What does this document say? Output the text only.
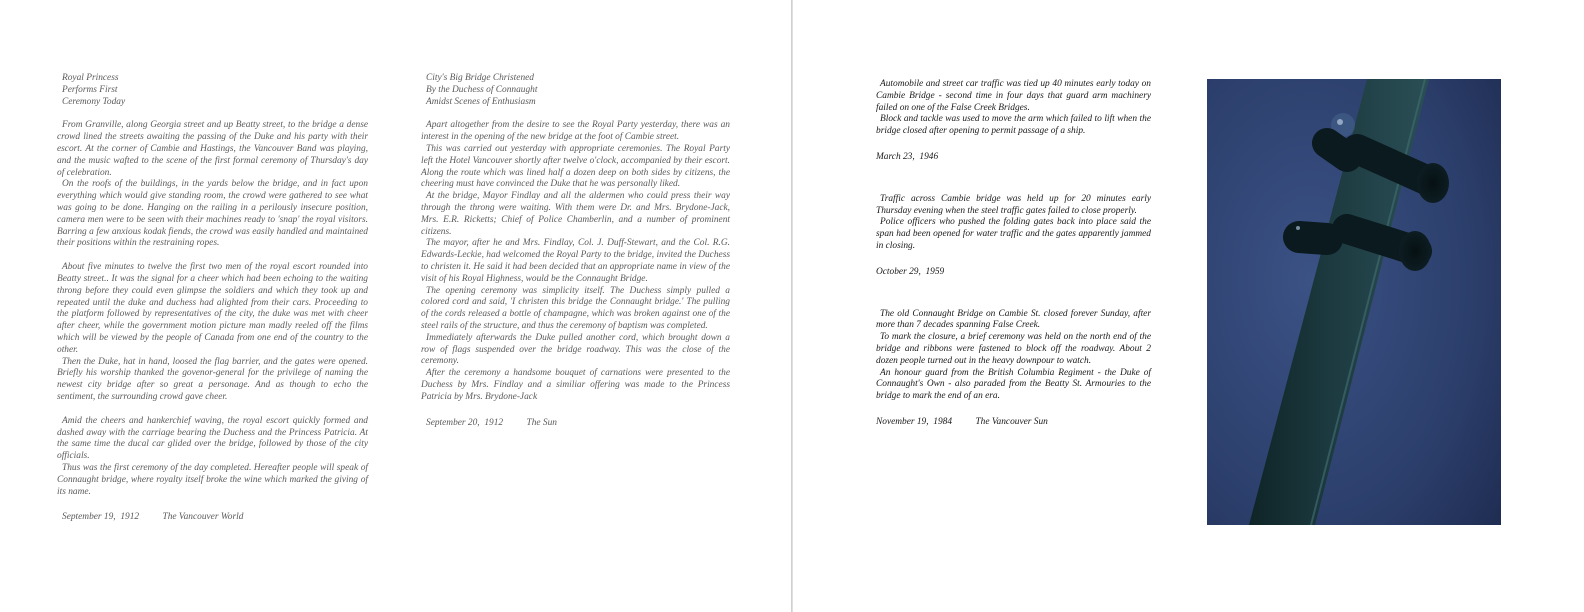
Royal Princess
Performs First
Ceremony Today

From Granville, along Georgia street and up Beatty street, to the bridge a dense crowd lined the streets awaiting the passing of the Duke and his party with their escort. At the corner of Cambie and Hastings, the Vancouver Band was playing, and the music wafted to the scene of the first formal ceremony of Thursday's day of celebration.

On the roofs of the buildings, in the yards below the bridge, and in fact upon everything which would give standing room, the crowd were gathered to see what was going to be done. Hanging on the railing in a perilously insecure position, camera men were to be seen with their machines ready to 'snap' the royal visitors. Barring a few anxious kodak fiends, the crowd was easily handled and maintained their positions within the restraining ropes.

About five minutes to twelve the first two men of the royal escort rounded into Beatty street.. It was the signal for a cheer which had been echoing to the waiting throng before they could even glimpse the soldiers and which they took up and repeated until the duke and duchess had alighted from their cars. Proceeding to the platform followed by representatives of the city, the duke was met with cheer after cheer, while the government motion picture man madly reeled off the films which will be viewed by the people of Canada from one end of the country to the other.

Then the Duke, hat in hand, loosed the flag barrier, and the gates were opened. Briefly his worship thanked the govenor-general for the privilege of naming the newest city bridge after so great a personage. And as though to echo the sentiment, the surrounding crowd gave cheer.

Amid the cheers and hankerchief waving, the royal escort quickly formed and dashed away with the carriage bearing the Duchess and the Princess Patricia. At the same time the ducal car glided over the bridge, followed by those of the city officials.

Thus was the first ceremony of the day completed. Hereafter people will speak of Connaught bridge, where royalty itself broke the wine which marked the giving of its name.

September 19,  1912 The Vancouver World
City's Big Bridge Christened
By the Duchess of Connaught
Amidst Scenes of Enthusiasm

Apart altogether from the desire to see the Royal Party yesterday, there was an interest in the opening of the new bridge at the foot of Cambie street.

This was carried out yesterday with appropriate ceremonies. The Royal Party left the Hotel Vancouver shortly after twelve o'clock, accompanied by their escort. Along the route which was lined half a dozen deep on both sides by citizens, the cheering must have convinced the Duke that he was personally liked.

At the bridge, Mayor Findlay and all the aldermen who could press their way through the throng were waiting. With them were Dr. and Mrs. Brydone-Jack, Mrs. E.R. Ricketts; Chief of Police Chamberlin, and a number of prominent citizens.

The mayor, after he and Mrs. Findlay, Col. J. Duff-Stewart, and the Col. R.G. Edwards-Leckie, had welcomed the Royal Party to the bridge, invited the Duchess to christen it. He said it had been decided that an appropriate name in view of the visit of his Royal Highness, would be the Connaught Bridge.

The opening ceremony was simplicity itself. The Duchess simply pulled a colored cord and said, 'I christen this bridge the Connaught bridge.' The pulling of the cords released a bottle of champagne, which was broken against one of the steel rails of the structure, and thus the ceremony of baptism was completed.

Immediately afterwards the Duke pulled another cord, which brought down a row of flags suspended over the bridge roadway. This was the close of the ceremony.

After the ceremony a handsome bouquet of carnations were presented to the Duchess by Mrs. Findlay and a similiar offering was made to the Princess Patricia by Mrs. Brydone-Jack

September 20,  1912 The Sun

Automobile and street car traffic was tied up 40 minutes early today on Cambie Bridge - second time in four days that guard arm machinery failed on one of the False Creek Bridges.

Block and tackle was used to move the arm which failed to lift when the bridge closed after opening to permit passage of a ship.

March 23,  1946

Traffic across Cambie bridge was held up for 20 minutes early Thursday evening when the steel traffic gates failed to close properly.

Police officers who pushed the folding gates back into place said the span had been opened for water traffic and the gates apparently jammed in closing.

October 29,  1959

The old Connaught Bridge on Cambie St. closed forever Sunday, after more than 7 decades spanning False Creek.

To mark the closure, a brief ceremony was held on the north end of the bridge and ribbons were fastened to block off the roadway. About 2 dozen people turned out in the heavy downpour to watch.

An honour guard from the British Columbia Regiment - the Duke of Connaught's Own - also paraded from the Beatty St. Armouries to the bridge to mark the end of an era.

November 19,  1984 The Vancouver Sun
